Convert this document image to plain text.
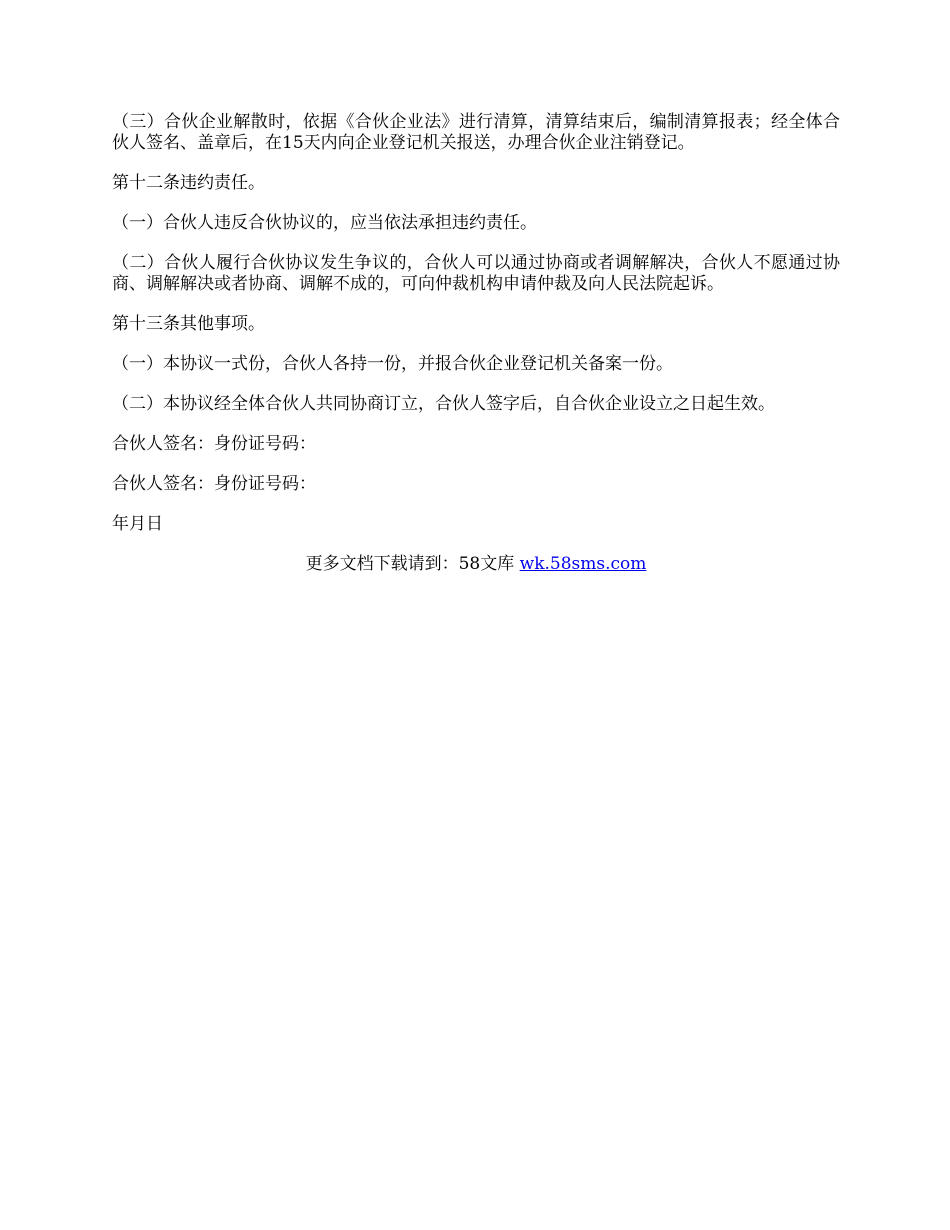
（三）合伙企业解散时，依据《合伙企业法》进行清算，清算结束后，编制清算报表；经全体合伙人签名、盖章后，在15天内向企业登记机关报送，办理合伙企业注销登记。

第十二条违约责任。

（一）合伙人违反合伙协议的，应当依法承担违约责任。

（二）合伙人履行合伙协议发生争议的，合伙人可以通过协商或者调解解决，合伙人不愿通过协商、调解解决或者协商、调解不成的，可向仲裁机构申请仲裁及向人民法院起诉。

第十三条其他事项。

（一）本协议一式份，合伙人各持一份，并报合伙企业登记机关备案一份。

（二）本协议经全体合伙人共同协商订立，合伙人签字后，自合伙企业设立之日起生效。

合伙人签名：身份证号码：

合伙人签名：身份证号码：

年月日

更多文档下载请到：58文库 wk.58sms.com
